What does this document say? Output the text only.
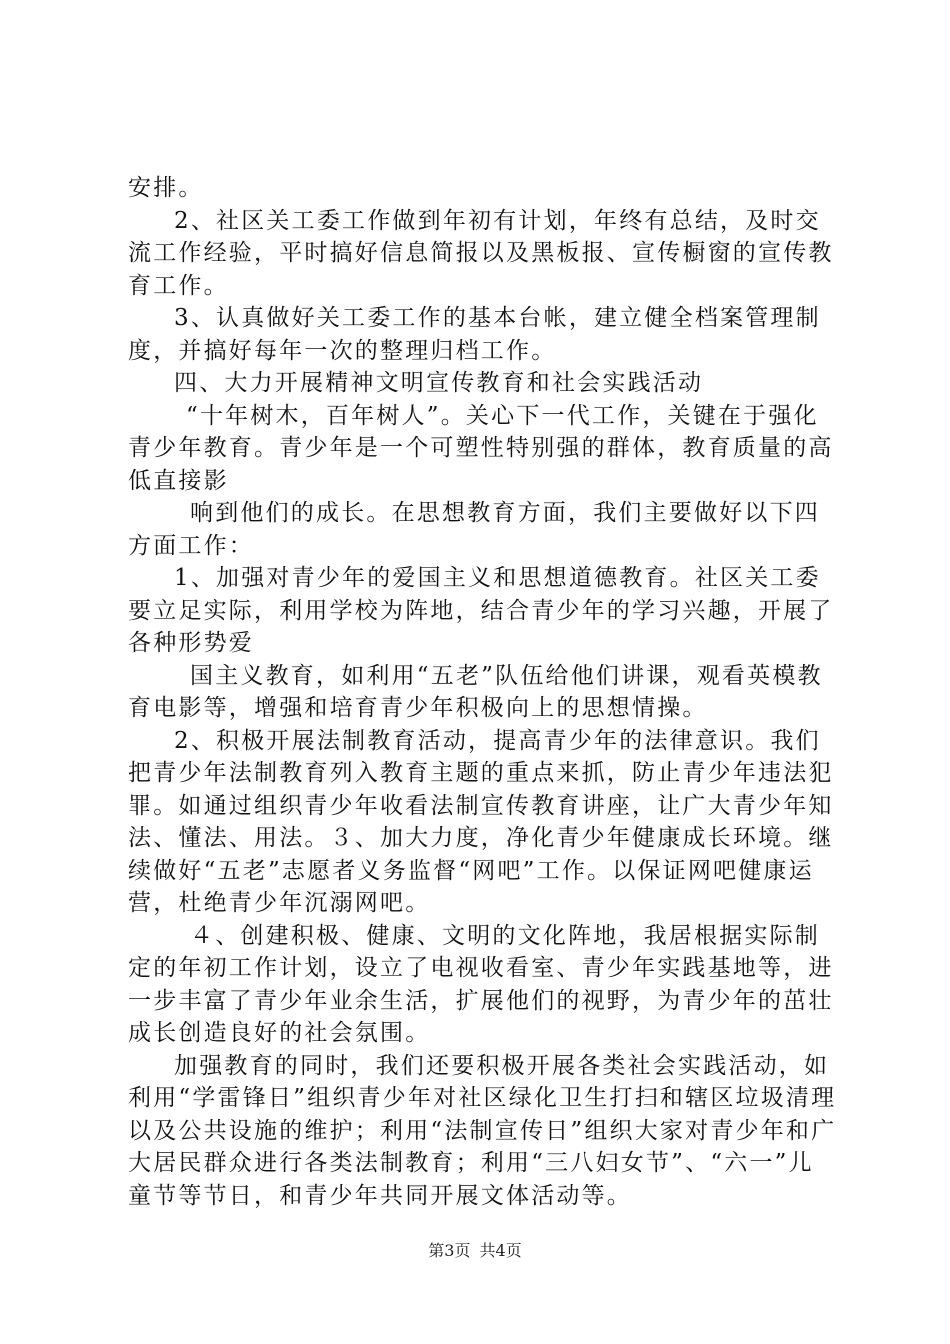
安排。

2、社区关工委工作做到年初有计划，年终有总结，及时交流工作经验，平时搞好信息简报以及黑板报、宣传橱窗的宣传教育工作。

3、认真做好关工委工作的基本台帐，建立健全档案管理制度，并搞好每年一次的整理归档工作。

四、大力开展精神文明宣传教育和社会实践活动

“十年树木，百年树人”。关心下一代工作，关键在于强化青少年教育。青少年是一个可塑性特别强的群体，教育质量的高低直接影

响到他们的成长。在思想教育方面，我们主要做好以下四方面工作：

1、加强对青少年的爱国主义和思想道德教育。社区关工委要立足实际，利用学校为阵地，结合青少年的学习兴趣，开展了各种形势爱

国主义教育，如利用“五老”队伍给他们讲课，观看英模教育电影等，增强和培育青少年积极向上的思想情操。

2、积极开展法制教育活动，提高青少年的法律意识。我们把青少年法制教育列入教育主题的重点来抓，防止青少年违法犯罪。如通过组织青少年收看法制宣传教育讲座，让广大青少年知法、懂法、用法。３、加大力度，净化青少年健康成长环境。继续做好“五老”志愿者义务监督“网吧”工作。以保证网吧健康运营，杜绝青少年沉溺网吧。

４、创建积极、健康、文明的文化阵地，我居根据实际制定的年初工作计划，设立了电视收看室、青少年实践基地等，进一步丰富了青少年业余生活，扩展他们的视野，为青少年的茁壮成长创造良好的社会氛围。

加强教育的同时，我们还要积极开展各类社会实践活动，如利用“学雷锋日”组织青少年对社区绿化卫生打扫和辖区垃圾清理以及公共设施的维护；利用“法制宣传日”组织大家对青少年和广大居民群众进行各类法制教育；利用“三八妇女节”、“六一”儿童节等节日，和青少年共同开展文体活动等。

第3页 共4页
